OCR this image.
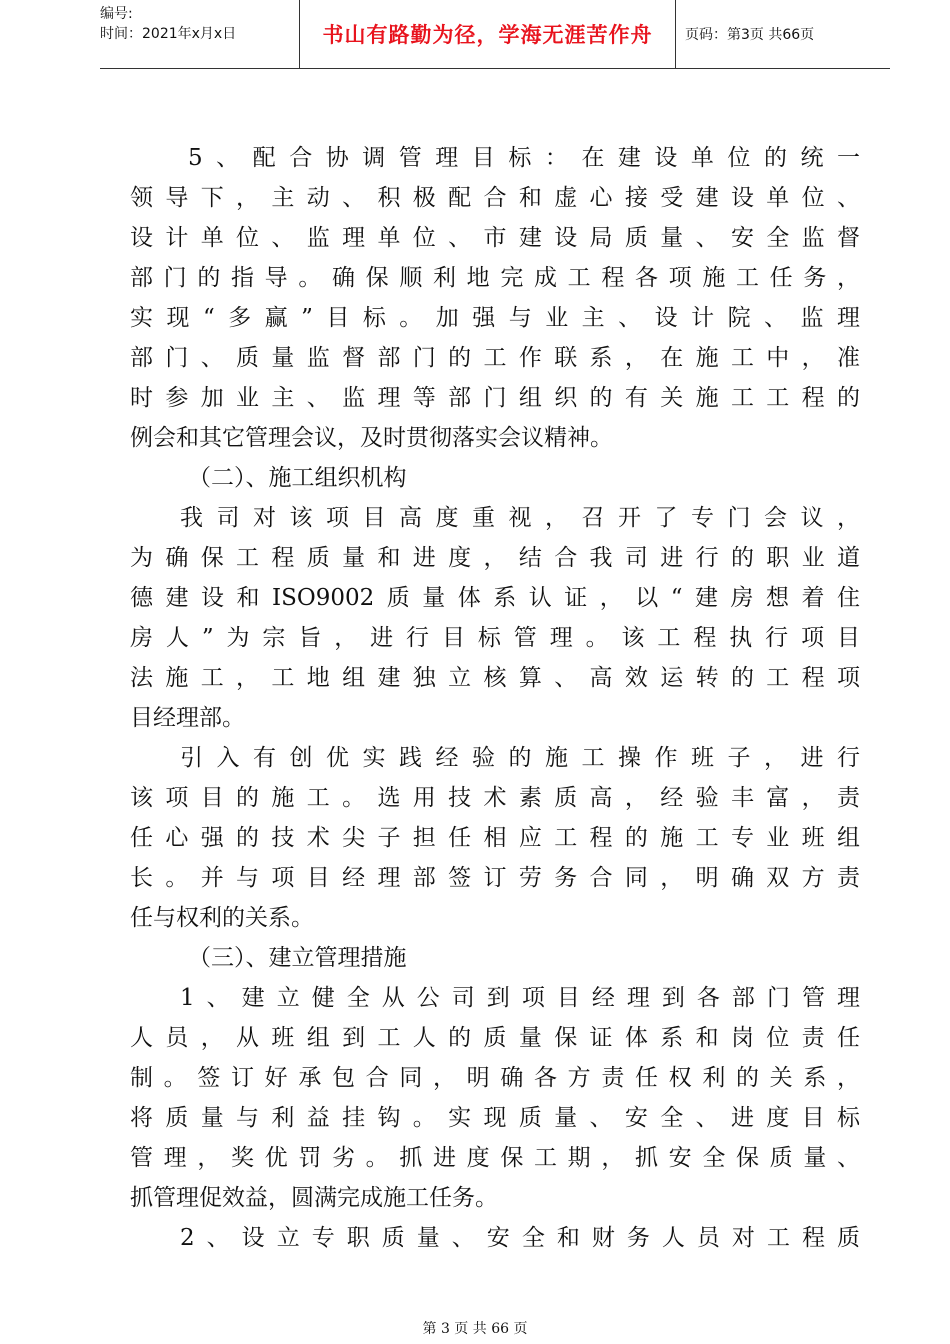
编号:
时间：2021年x月x日	书山有路勤为径，学海无涯苦作舟	页码：第3页 共66页
5、配合协调管理目标：在建设单位的统一
领导下，主动、积极配合和虚心接受建设单位、
设计单位、监理单位、市建设局质量、安全监督
部门的指导。确保顺利地完成工程各项施工任务，
实现“多赢”目标。加强与业主、设计院、监理
部门、质量监督部门的工作联系，在施工中，准
时参加业主、监理等部门组织的有关施工工程的
例会和其它管理会议，及时贯彻落实会议精神。
（二）、施工组织机构
我司对该项目高度重视，召开了专门会议，
为确保工程质量和进度，结合我司进行的职业道
德建设和ISO9002质量体系认证，以“建房想着住
房人”为宗旨，进行目标管理。该工程执行项目
法施工，工地组建独立核算、高效运转的工程项
目经理部。
引入有创优实践经验的施工操作班子，进行
该项目的施工。选用技术素质高，经验丰富，责
任心强的技术尖子担任相应工程的施工专业班组
长。并与项目经理部签订劳务合同，明确双方责
任与权利的关系。
（三）、建立管理措施
1、建立健全从公司到项目经理到各部门管理
人员，从班组到工人的质量保证体系和岗位责任
制。签订好承包合同，明确各方责任权利的关系，
将质量与利益挂钩。实现质量、安全、进度目标
管理，奖优罚劣。抓进度保工期，抓安全保质量、
抓管理促效益，圆满完成施工任务。
2、设立专职质量、安全和财务人员对工程质
第 3 页 共 66 页
